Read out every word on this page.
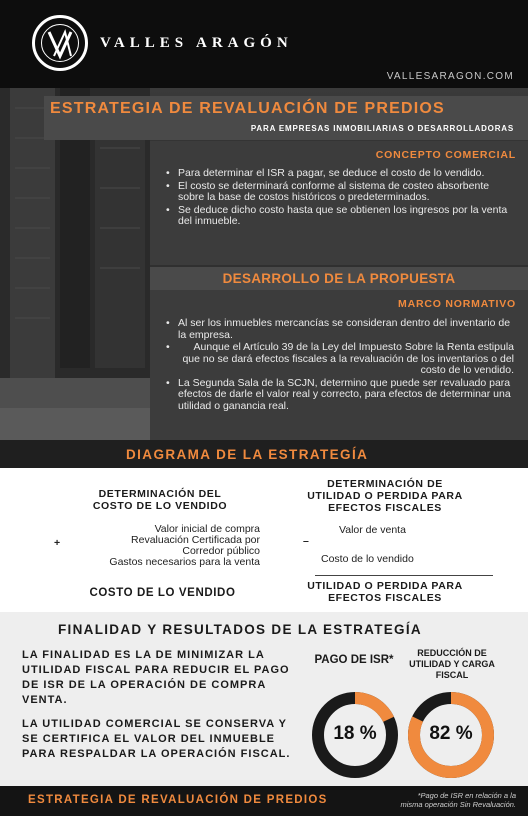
VALLES ARAGÓN
VALLESARAGON.COM
ESTRATEGIA DE REVALUACIÓN DE PREDIOS
PARA EMPRESAS INMOBILIARIAS O DESARROLLADORAS
CONCEPTO COMERCIAL
• Para determinar el ISR a pagar, se deduce el costo de lo vendido.
• El costo se determinará conforme al sistema de costeo absorbente sobre la base de costos históricos o predeterminados.
• Se deduce dicho costo hasta que se obtienen los ingresos por la venta del inmueble.
DESARROLLO DE LA PROPUESTA
MARCO NORMATIVO
• Al ser los inmuebles mercancías se consideran dentro del inventario de la empresa.
• Aunque el Artículo 39 de la Ley del Impuesto Sobre la Renta estipula que no se dará efectos fiscales a la revaluación de los inventarios o del costo de lo vendido.
• La Segunda Sala de la SCJN, determino que puede ser revaluado para efectos de darle el valor real y correcto, para efectos de determinar una utilidad o ganancia real.
DIAGRAMA DE LA ESTRATEGÍA
DETERMINACIÓN DEL COSTO DE LO VENDIDO
+
Valor inicial de compra
Revaluación Certificada por
Corredor público
Gastos necesarios para la venta
COSTO DE LO VENDIDO
DETERMINACIÓN DE UTILIDAD O PERDIDA PARA EFECTOS FISCALES
–
Valor de venta
Costo de lo vendido
UTILIDAD O PERDIDA PARA EFECTOS FISCALES
FINALIDAD Y RESULTADOS DE LA ESTRATEGÍA
LA FINALIDAD ES LA DE MINIMIZAR LA UTILIDAD FISCAL PARA REDUCIR EL PAGO DE ISR DE LA OPERACIÓN DE COMPRA VENTA.
LA UTILIDAD COMERCIAL SE CONSERVA Y SE CERTIFICA EL VALOR DEL INMUEBLE PARA RESPALDAR LA OPERACIÓN FISCAL.
PAGO DE ISR*
REDUCCIÓN DE UTILIDAD Y CARGA FISCAL
18 %	82 %
ESTRATEGIA DE REVALUACIÓN DE PREDIOS	*Pago de ISR en relación a la
misma operación Sin Revaluación.
